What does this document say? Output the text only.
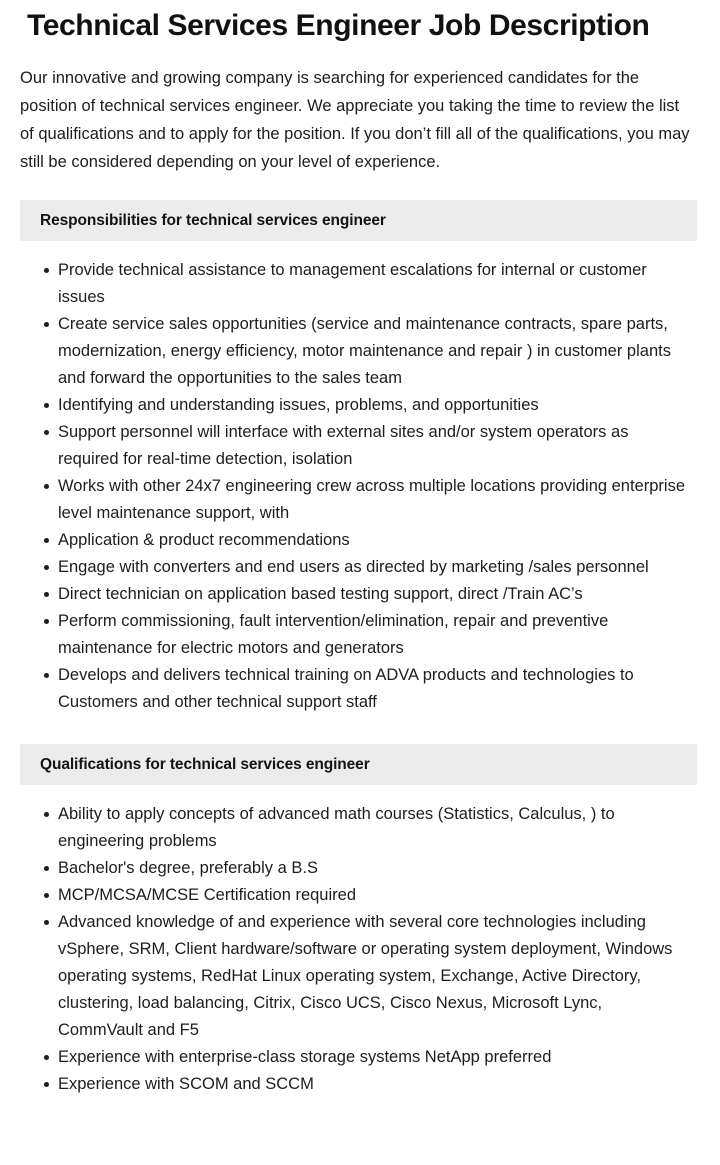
Technical Services Engineer Job Description

Our innovative and growing company is searching for experienced candidates for the position of technical services engineer. We appreciate you taking the time to review the list of qualifications and to apply for the position. If you don’t fill all of the qualifications, you may still be considered depending on your level of experience.

Responsibilities for technical services engineer
Provide technical assistance to management escalations for internal or customer issues
Create service sales opportunities (service and maintenance contracts, spare parts, modernization, energy efficiency, motor maintenance and repair ) in customer plants and forward the opportunities to the sales team
Identifying and understanding issues, problems, and opportunities
Support personnel will interface with external sites and/or system operators as required for real-time detection, isolation
Works with other 24x7 engineering crew across multiple locations providing enterprise level maintenance support, with
Application & product recommendations
Engage with converters and end users as directed by marketing /sales personnel
Direct technician on application based testing support, direct /Train AC’s
Perform commissioning, fault intervention/elimination, repair and preventive maintenance for electric motors and generators
Develops and delivers technical training on ADVA products and technologies to Customers and other technical support staff
Qualifications for technical services engineer
Ability to apply concepts of advanced math courses (Statistics, Calculus, ) to engineering problems
Bachelor's degree, preferably a B.S
MCP/MCSA/MCSE Certification required
Advanced knowledge of and experience with several core technologies including vSphere, SRM, Client hardware/software or operating system deployment, Windows operating systems, RedHat Linux operating system, Exchange, Active Directory, clustering, load balancing, Citrix, Cisco UCS, Cisco Nexus, Microsoft Lync, CommVault and F5
Experience with enterprise-class storage systems NetApp preferred
Experience with SCOM and SCCM
